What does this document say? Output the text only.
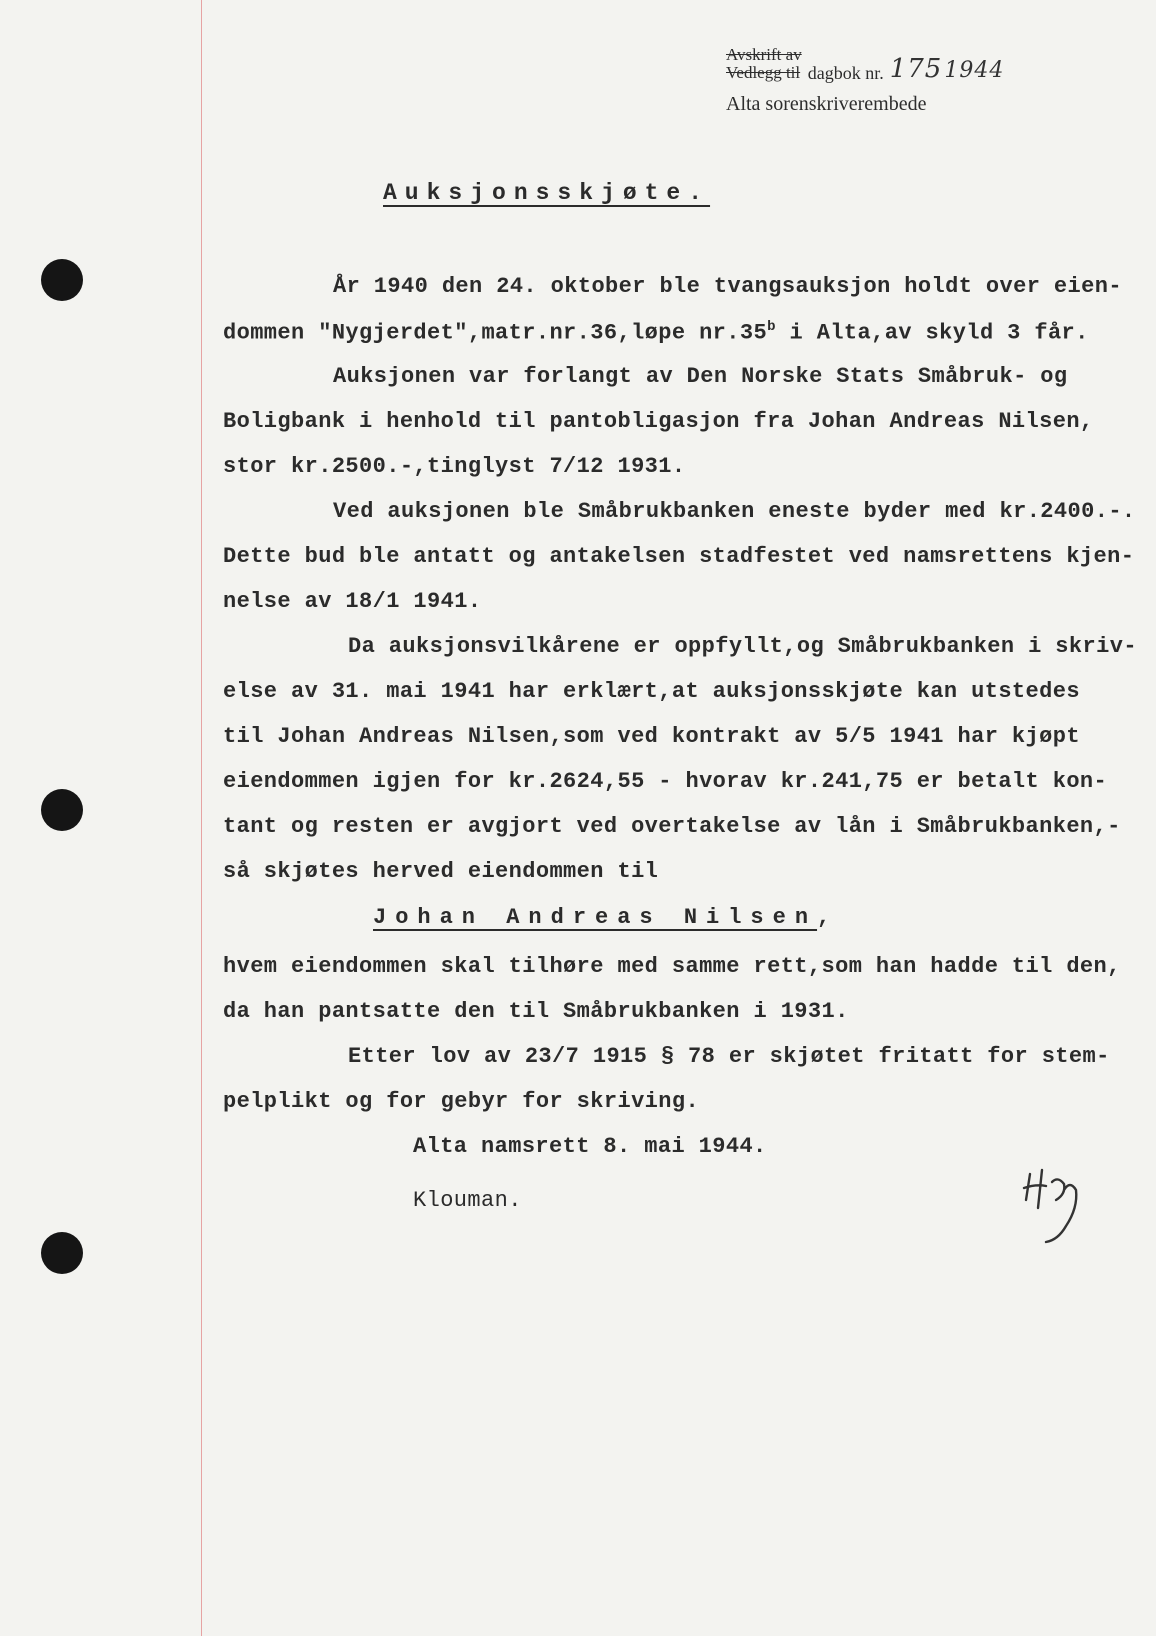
Avskrift av
Vedlegg til dagbok nr. 175 1944
Alta sorenskriverembede
Auksjonsskjøte.
År 1940 den 24. oktober ble tvangsauksjon holdt over eien-
dommen "Nygjerdet",matr.nr.36,løpe nr.35$^b$ i Alta,av skyld 3 får.
Auksjonen var forlangt av Den Norske Stats Småbruk- og
Boligbank i henhold til pantobligasjon fra Johan Andreas Nilsen,
stor kr.2500.-,tinglyst 7/12 1931.
Ved auksjonen ble Småbrukbanken eneste byder med kr.2400.-.
Dette bud ble antatt og antakelsen stadfestet ved namsrettens kjen-
nelse av 18/1 1941.
Da auksjonsvilkårene er oppfyllt,og Småbrukbanken i skriv-
else av 31. mai 1941 har erklært,at auksjonsskjøte kan utstedes
til Johan Andreas Nilsen,som ved kontrakt av 5/5 1941 har kjøpt
eiendommen igjen for kr.2624,55 - hvorav kr.241,75 er betalt kon-
tant og resten er avgjort ved overtakelse av lån i Småbrukbanken,-
så skjøtes herved eiendommen til
Johan Andreas Nilsen,
hvem eiendommen skal tilhøre med samme rett,som han hadde til den,
da han pantsatte den til Småbrukbanken i 1931.
Etter lov av 23/7 1915 § 78 er skjøtet fritatt for stem-
pelplikt og for gebyr for skriving.
Alta namsrett 8. mai 1944.
Klouman.
